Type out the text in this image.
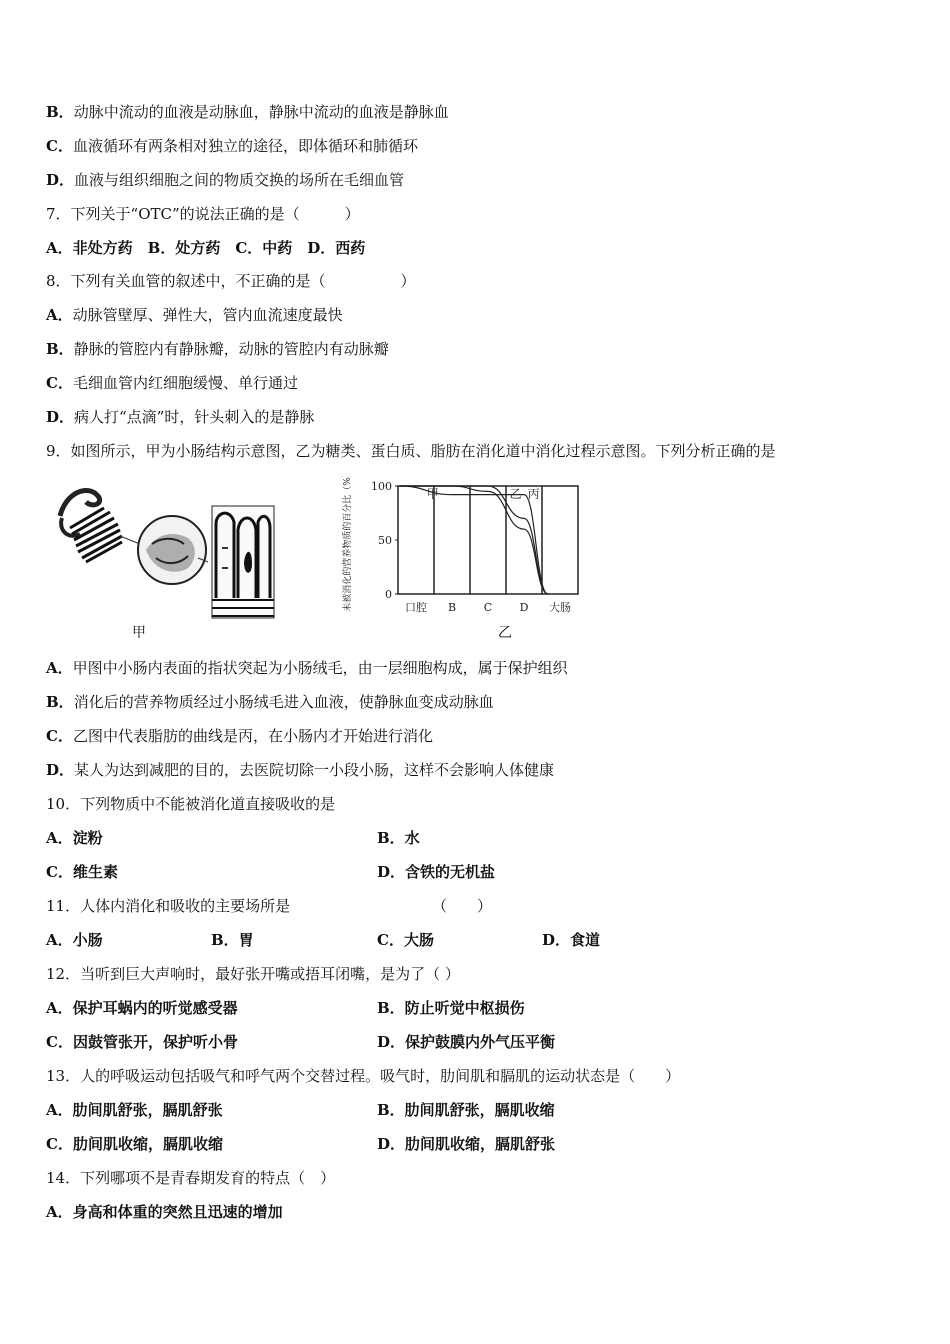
B．动脉中流动的血液是动脉血，静脉中流动的血液是静脉血
C．血液循环有两条相对独立的途径，即体循环和肺循环
D．血液与组织细胞之间的物质交换的场所在毛细血管
7．下列关于“OTC”的说法正确的是（　　　）
A．非处方药　B．处方药　C．中药　D．西药
8．下列有关血管的叙述中，不正确的是（　　　　　）
A．动脉管壁厚、弹性大，管内血流速度最快
B．静脉的管腔内有静脉瓣，动脉的管腔内有动脉瓣
C．毛细血管内红细胞缓慢、单行通过
D．病人打“点滴”时，针头刺入的是静脉
9．如图所示，甲为小肠结构示意图，乙为糖类、蛋白质、脂肪在消化道中消化过程示意图。下列分析正确的是
甲
100
50
0
未被消化的营养物质的百分比（%）	口腔 B	C D 大肠
甲	乙 丙
乙
A．甲图中小肠内表面的指状突起为小肠绒毛，由一层细胞构成，属于保护组织
B．消化后的营养物质经过小肠绒毛进入血液，使静脉血变成动脉血
C．乙图中代表脂肪的曲线是丙，在小肠内才开始进行消化
D．某人为达到减肥的目的，去医院切除一小段小肠，这样不会影响人体健康
10．下列物质中不能被消化道直接吸收的是
A．淀粉	B．水
C．维生素	D．含铁的无机盐
11．人体内消化和吸收的主要场所是	（　　）
A．小肠	B．胃	C．大肠	D．食道
12．当听到巨大声响时，最好张开嘴或捂耳闭嘴，是为了（ ）
A．保护耳蜗内的听觉感受器	B．防止听觉中枢损伤
C．因鼓管张开，保护听小骨	D．保护鼓膜内外气压平衡
13．人的呼吸运动包括吸气和呼气两个交替过程。吸气时，肋间肌和膈肌的运动状态是（　　）
A．肋间肌舒张，膈肌舒张	B．肋间肌舒张，膈肌收缩
C．肋间肌收缩，膈肌收缩	D．肋间肌收缩，膈肌舒张
14．下列哪项不是青春期发育的特点（　）
A．身高和体重的突然且迅速的增加
